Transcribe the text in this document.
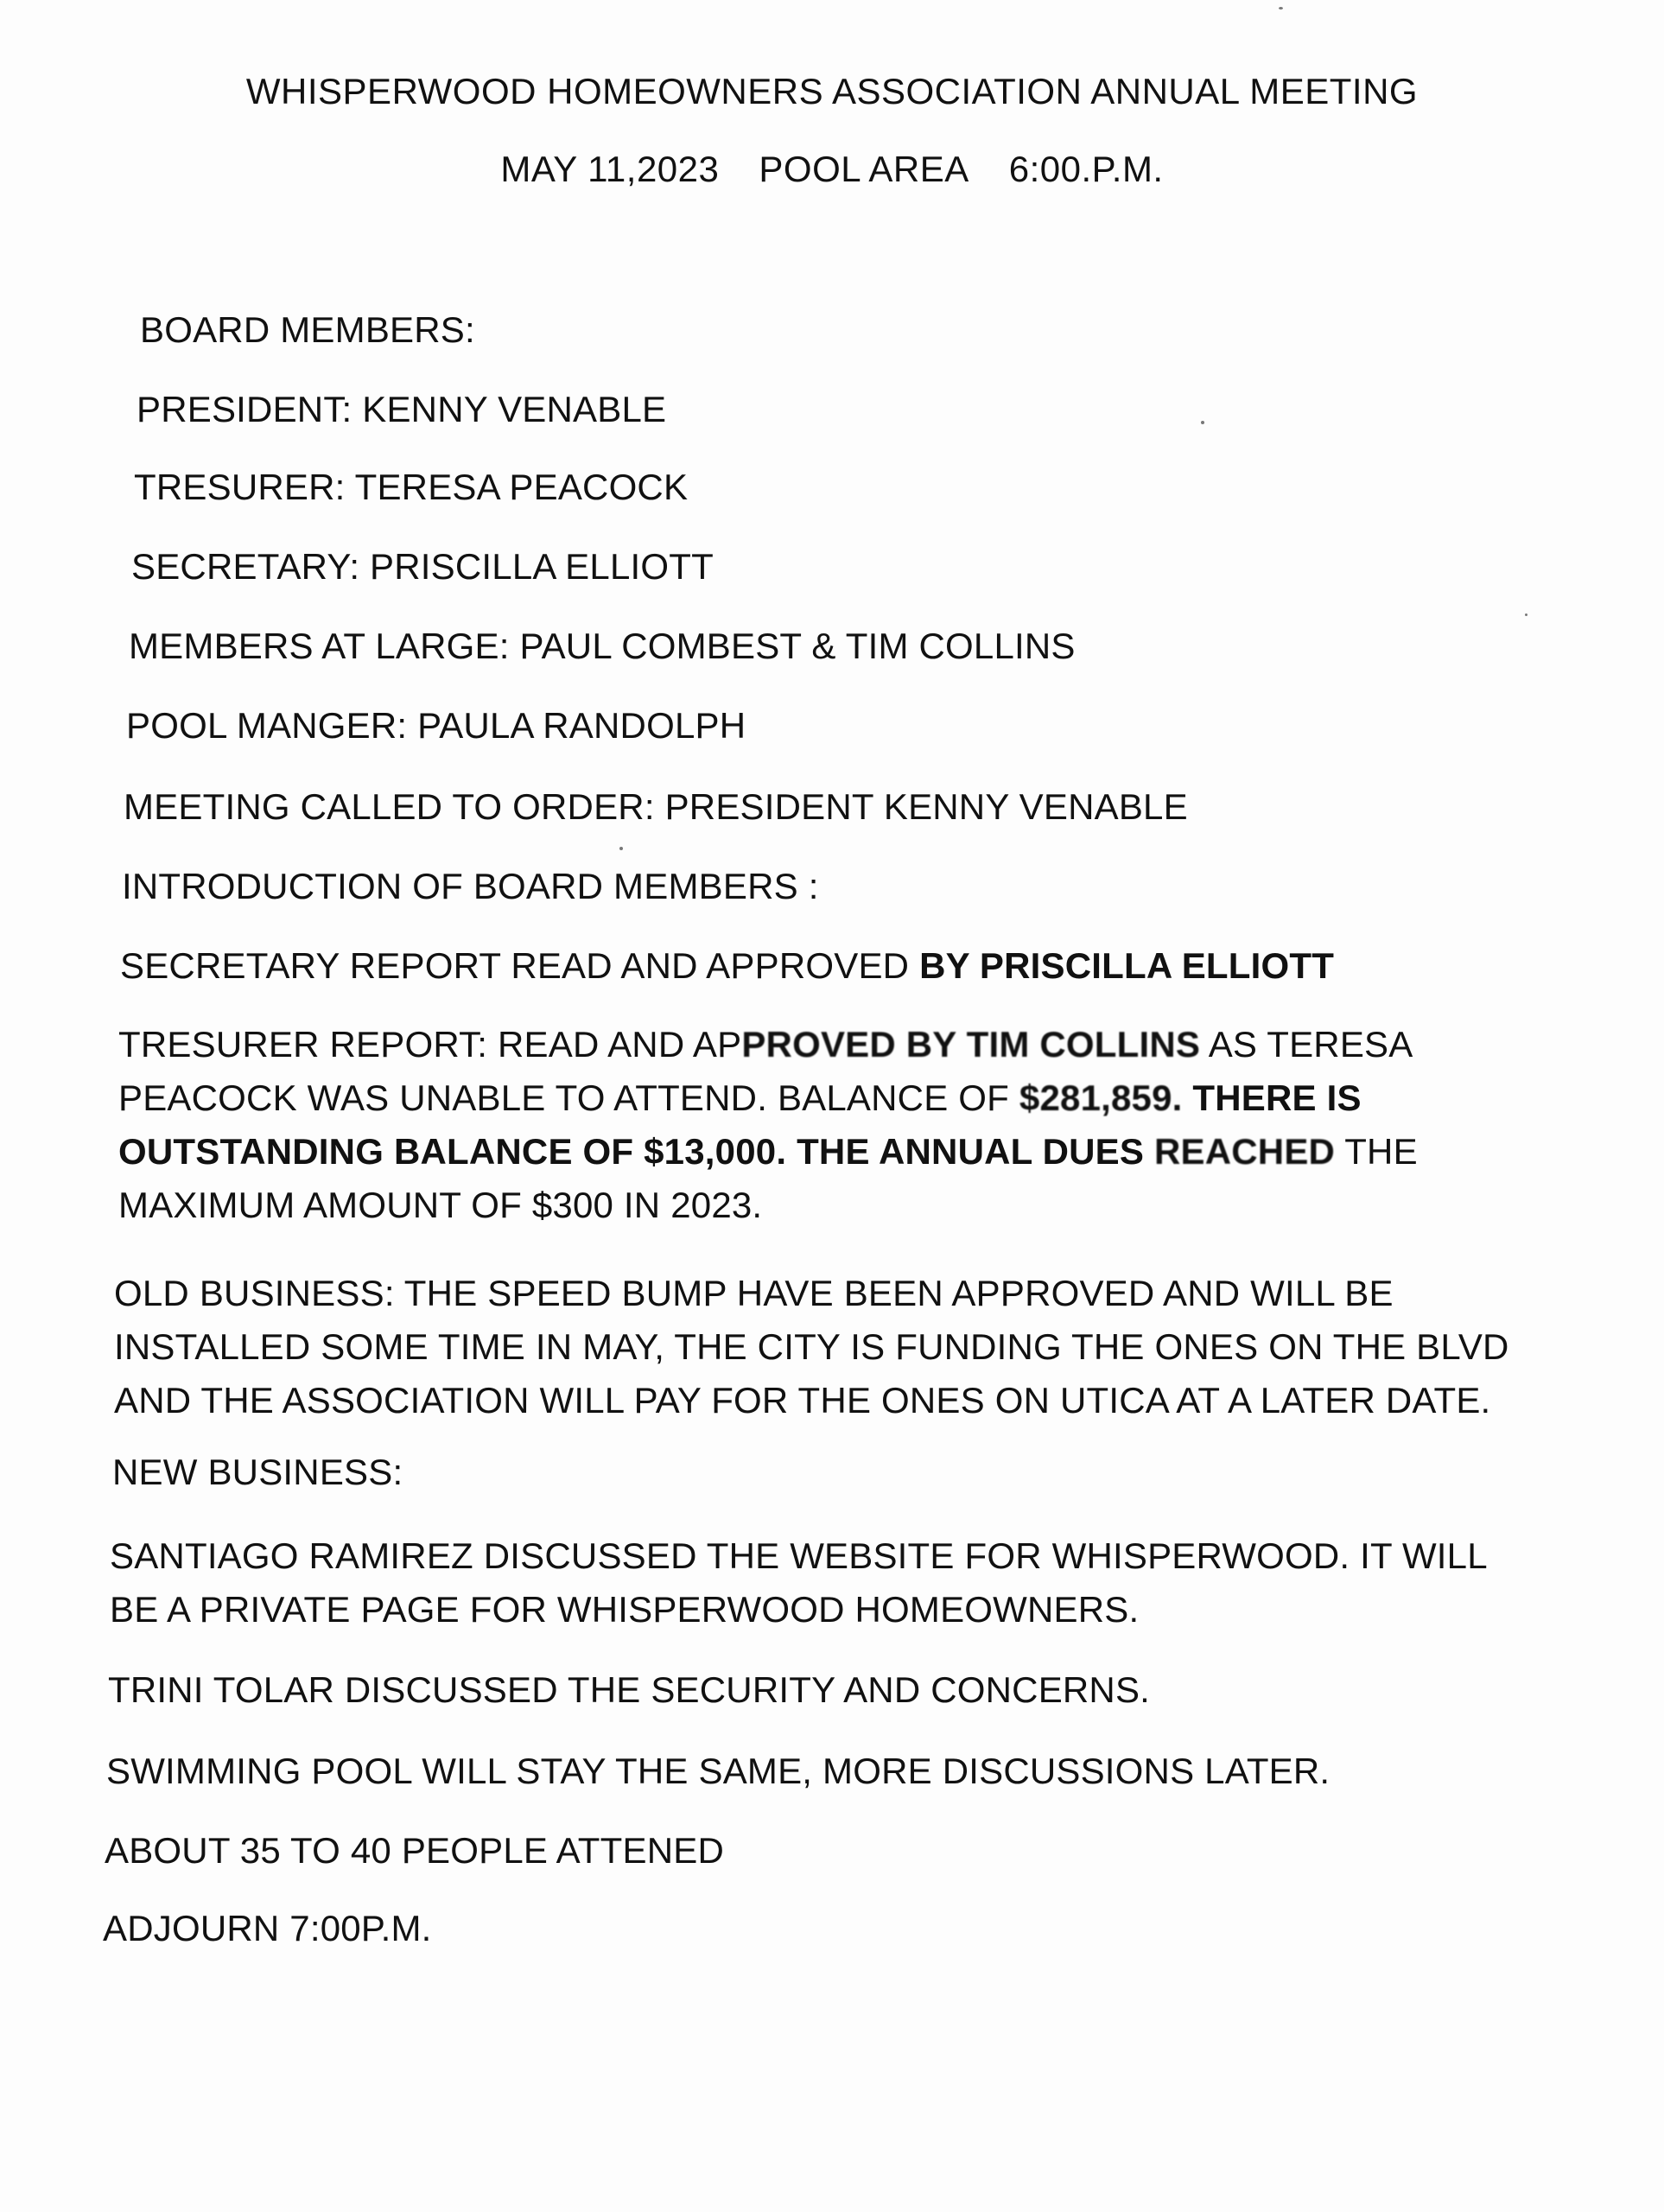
WHISPERWOOD HOMEOWNERS ASSOCIATION ANNUAL MEETING
MAY 11,2023 POOL AREA 6:00.P.M.
BOARD MEMBERS:
PRESIDENT: KENNY VENABLE
TRESURER: TERESA PEACOCK
SECRETARY: PRISCILLA ELLIOTT
MEMBERS AT LARGE: PAUL COMBEST & TIM COLLINS
POOL MANGER: PAULA RANDOLPH
MEETING CALLED TO ORDER: PRESIDENT KENNY VENABLE
INTRODUCTION OF BOARD MEMBERS :
SECRETARY REPORT READ AND APPROVED BY PRISCILLA ELLIOTT
TRESURER REPORT: READ AND APPROVED BY TIM COLLINS AS TERESA PEACOCK WAS UNABLE TO ATTEND. BALANCE OF $281,859. THERE IS OUTSTANDING BALANCE OF $13,000. THE ANNUAL DUES REACHED THE MAXIMUM AMOUNT OF $300 IN 2023.
OLD BUSINESS: THE SPEED BUMP HAVE BEEN APPROVED AND WILL BE INSTALLED SOME TIME IN MAY, THE CITY IS FUNDING THE ONES ON THE BLVD AND THE ASSOCIATION WILL PAY FOR THE ONES ON UTICA AT A LATER DATE.
NEW BUSINESS:
SANTIAGO RAMIREZ DISCUSSED THE WEBSITE FOR WHISPERWOOD. IT WILL BE A PRIVATE PAGE FOR WHISPERWOOD HOMEOWNERS.
TRINI TOLAR DISCUSSED THE SECURITY AND CONCERNS.
SWIMMING POOL WILL STAY THE SAME, MORE DISCUSSIONS LATER.
ABOUT 35 TO 40 PEOPLE ATTENED
ADJOURN 7:00P.M.
